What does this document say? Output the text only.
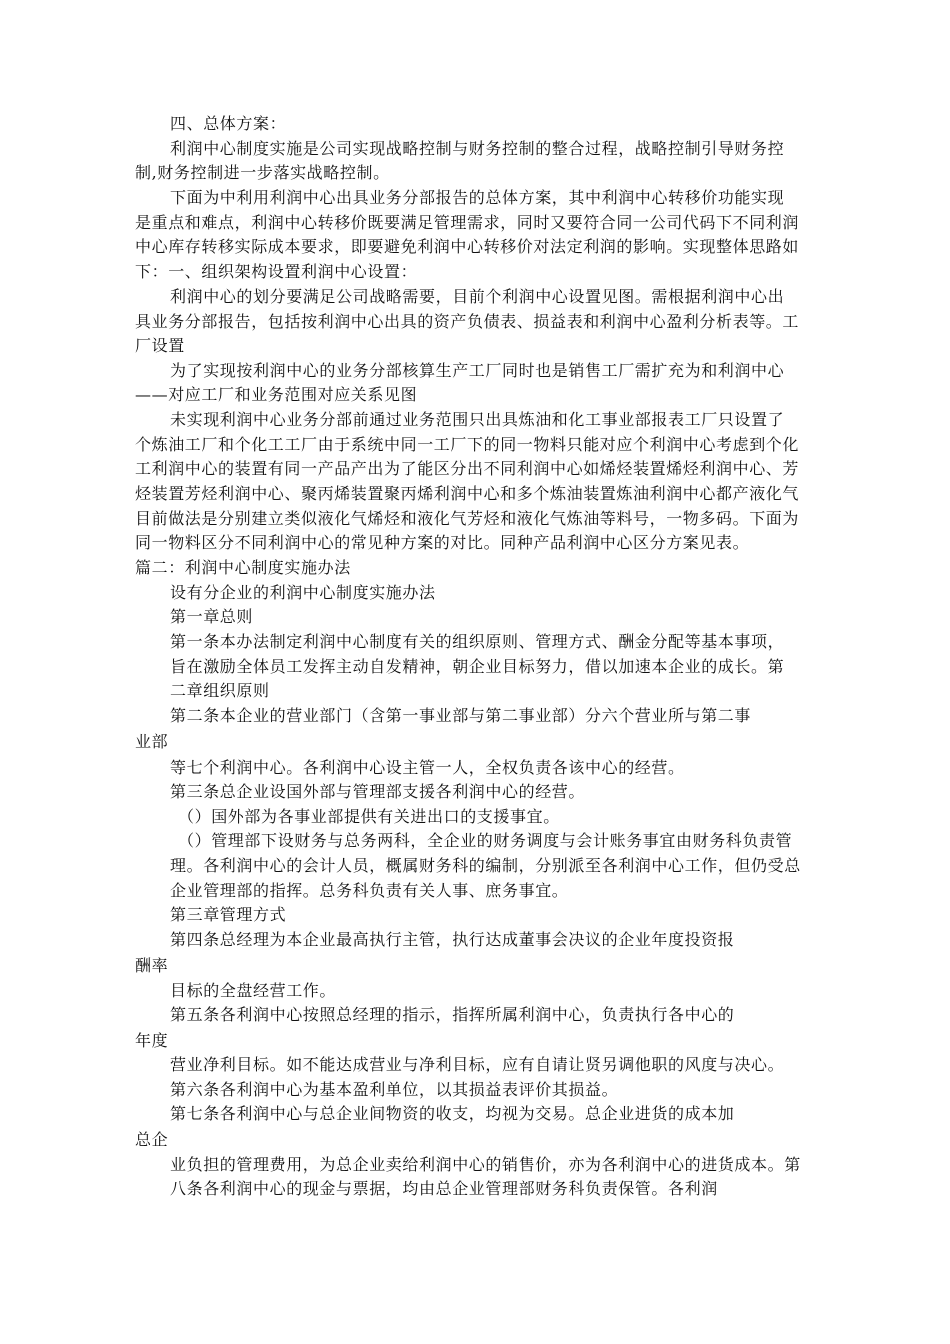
四、总体方案：
利润中心制度实施是公司实现战略控制与财务控制的整合过程，战略控制引导财务控
制,财务控制进一步落实战略控制。
下面为中利用利润中心出具业务分部报告的总体方案，其中利润中心转移价功能实现
是重点和难点，利润中心转移价既要满足管理需求，同时又要符合同一公司代码下不同利润
中心库存转移实际成本要求，即要避免利润中心转移价对法定利润的影响。实现整体思路如
下：一、组织架构设置利润中心设置：
利润中心的划分要满足公司战略需要，目前个利润中心设置见图。需根据利润中心出
具业务分部报告，包括按利润中心出具的资产负债表、损益表和利润中心盈利分析表等。工
厂设置
为了实现按利润中心的业务分部核算生产工厂同时也是销售工厂需扩充为和利润中心
——对应工厂和业务范围对应关系见图
未实现利润中心业务分部前通过业务范围只出具炼油和化工事业部报表工厂只设置了
个炼油工厂和个化工工厂由于系统中同一工厂下的同一物料只能对应个利润中心考虑到个化
工利润中心的装置有同一产品产出为了能区分出不同利润中心如烯烃装置烯烃利润中心、芳
烃装置芳烃利润中心、聚丙烯装置聚丙烯利润中心和多个炼油装置炼油利润中心都产液化气
目前做法是分别建立类似液化气烯烃和液化气芳烃和液化气炼油等料号，一物多码。下面为
同一物料区分不同利润中心的常见种方案的对比。同种产品利润中心区分方案见表。
篇二：利润中心制度实施办法
设有分企业的利润中心制度实施办法
第一章总则
第一条本办法制定利润中心制度有关的组织原则、管理方式、酬金分配等基本事项，
旨在激励全体员工发挥主动自发精神，朝企业目标努力，借以加速本企业的成长。第
二章组织原则
第二条本企业的营业部门（含第一事业部与第二事业部）分六个营业所与第二事
业部
等七个利润中心。各利润中心设主管一人，全权负责各该中心的经营。
第三条总企业设国外部与管理部支援各利润中心的经营。
（）国外部为各事业部提供有关进出口的支援事宜。
（）管理部下设财务与总务两科，全企业的财务调度与会计账务事宜由财务科负责管
理。各利润中心的会计人员，概属财务科的编制，分别派至各利润中心工作，但仍受总
企业管理部的指挥。总务科负责有关人事、庶务事宜。
第三章管理方式
第四条总经理为本企业最高执行主管，执行达成董事会决议的企业年度投资报
酬率
目标的全盘经营工作。
第五条各利润中心按照总经理的指示，指挥所属利润中心，负责执行各中心的
年度
营业净利目标。如不能达成营业与净利目标，应有自请让贤另调他职的风度与决心。
第六条各利润中心为基本盈利单位，以其损益表评价其损益。
第七条各利润中心与总企业间物资的收支，均视为交易。总企业进货的成本加
总企
业负担的管理费用，为总企业卖给利润中心的销售价，亦为各利润中心的进货成本。第
八条各利润中心的现金与票据，均由总企业管理部财务科负责保管。各利润
